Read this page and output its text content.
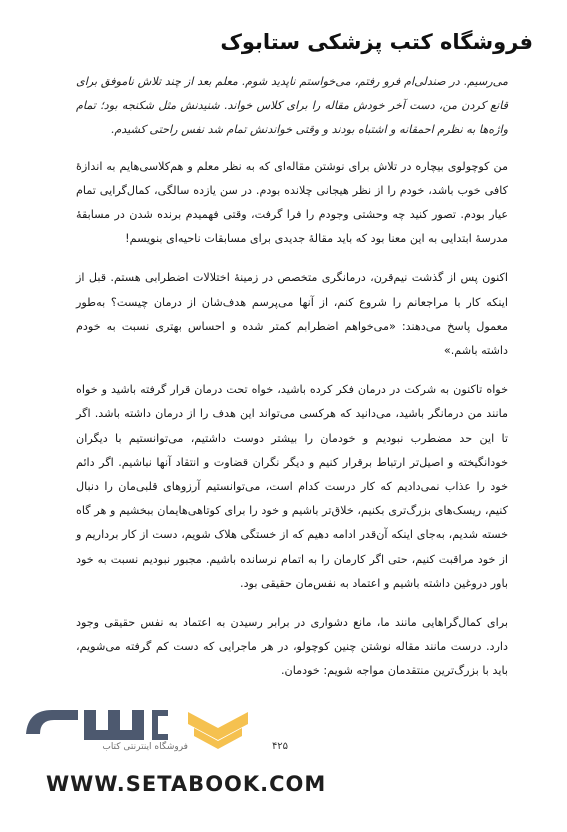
فروشگاه کتب پزشکی ستابوک

می‌رسیم. در صندلی‌ام فرو رفتم، می‌خواستم ناپدید شوم. معلم بعد از چند تلاش ناموفق برای قانع کردن من، دست آخر خودش مقاله را برای کلاس خواند. شنیدنش مثل شکنجه بود؛ تمام واژه‌ها به نظرم احمقانه و اشتباه بودند و وقتی خواندنش تمام شد نفس راحتی کشیدم.

من کوچولوی بیچاره در تلاش برای نوشتن مقاله‌ای که به نظر معلم و هم‌کلاسی‌هایم به اندازهٔ کافی خوب باشد، خودم را از نظر هیجانی چلانده بودم. در سن یازده سالگی، کمال‌گرایی تمام عیار بودم. تصور کنید چه وحشتی وجودم را فرا گرفت، وقتی فهمیدم برنده شدن در مسابقهٔ مدرسهٔ ابتدایی به این معنا بود که باید مقالهٔ جدیدی برای مسابقات ناحیه‌ای بنویسم!

اکنون پس از گذشت نیم‌قرن، درمانگری متخصص در زمینهٔ اختلالات اضطرابی هستم. قبل از اینکه کار با مراجعانم را شروع کنم، از آنها می‌پرسم هدف‌شان از درمان چیست؟ به‌طور معمول پاسخ می‌دهند: «می‌خواهم اضطرابم کمتر شده و احساس بهتری نسبت به خودم داشته باشم.»

خواه تاکنون به شرکت در درمان فکر کرده باشید، خواه تحت درمان قرار گرفته باشید و خواه مانند من درمانگر باشید، می‌دانید که هرکسی می‌تواند این هدف را از درمان داشته باشد. اگر تا این حد مضطرب نبودیم و خودمان را بیشتر دوست داشتیم، می‌توانستیم با دیگران خودانگیخته و اصیل‌تر ارتباط برقرار کنیم و دیگر نگران قضاوت و انتقاد آنها نباشیم. اگر دائم خود را عذاب نمی‌دادیم که کار درست کدام است، می‌توانستیم آرزوهای قلبی‌مان را دنبال کنیم، ریسک‌های بزرگ‌تری بکنیم، خلاق‌تر باشیم و خود را برای کوتاهی‌هایمان ببخشیم و هر گاه خسته شدیم، به‌جای اینکه آن‌قدر ادامه دهیم که از خستگی هلاک شویم، دست از کار برداریم و از خود مراقبت کنیم، حتی اگر کارمان را به اتمام نرسانده باشیم. مجبور نبودیم نسبت به خود باور دروغین داشته باشیم و اعتماد به نفس‌مان حقیقی بود.

برای کمال‌گراهایی مانند ما، مانع دشواری در برابر رسیدن به اعتماد به نفس حقیقی وجود دارد. درست مانند مقاله نوشتن چنین کوچولو، در هر ماجرایی که دست کم گرفته می‌شویم، باید با بزرگ‌ترین منتقدمان مواجه شویم: خودمان.

۴۲۵
فروشگاه اینترنتی کتاب
WWW.SETABOOK.COM
